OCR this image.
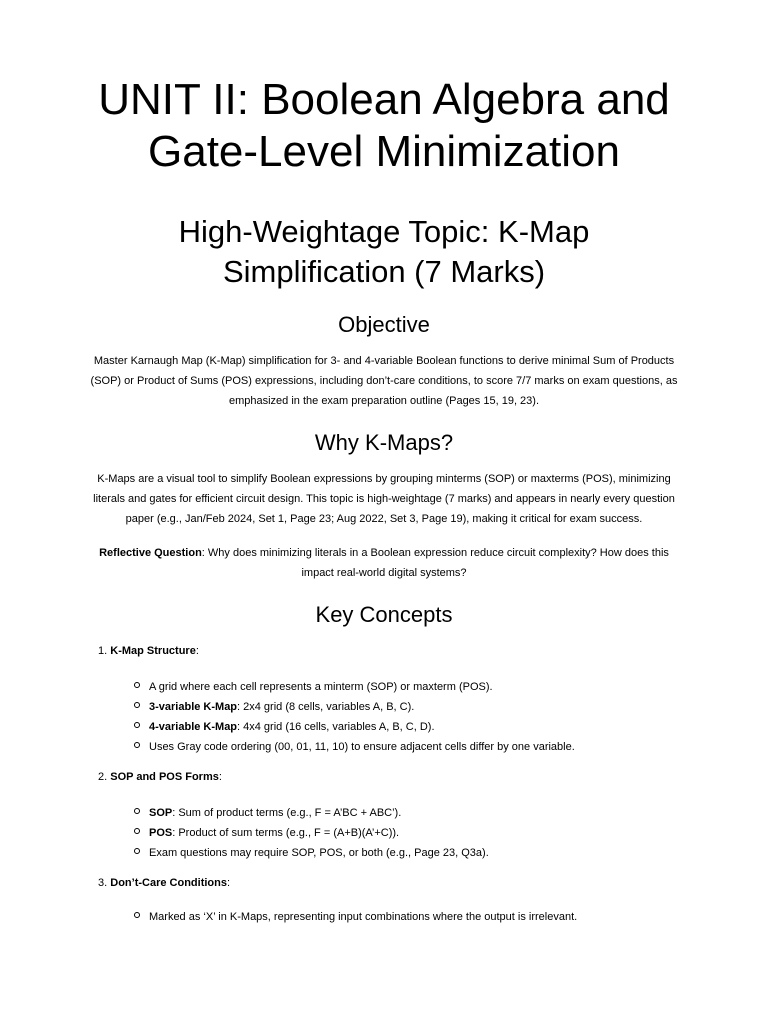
UNIT II: Boolean Algebra and
Gate-Level Minimization
High-Weightage Topic: K-Map
Simplification (7 Marks)
Objective
Master Karnaugh Map (K-Map) simplification for 3- and 4-variable Boolean functions to derive minimal Sum of Products
(SOP) or Product of Sums (POS) expressions, including don’t-care conditions, to score 7/7 marks on exam questions, as
emphasized in the exam preparation outline (Pages 15, 19, 23).
Why K-Maps?
K-Maps are a visual tool to simplify Boolean expressions by grouping minterms (SOP) or maxterms (POS), minimizing
literals and gates for efficient circuit design. This topic is high-weightage (7 marks) and appears in nearly every question
paper (e.g., Jan/Feb 2024, Set 1, Page 23; Aug 2022, Set 3, Page 19), making it critical for exam success.
Reflective Question: Why does minimizing literals in a Boolean expression reduce circuit complexity? How does this
impact real-world digital systems?
Key Concepts
1. K-Map Structure:
A grid where each cell represents a minterm (SOP) or maxterm (POS).
3-variable K-Map: 2x4 grid (8 cells, variables A, B, C).
4-variable K-Map: 4x4 grid (16 cells, variables A, B, C, D).
Uses Gray code ordering (00, 01, 11, 10) to ensure adjacent cells differ by one variable.
2. SOP and POS Forms:
SOP: Sum of product terms (e.g., F = A’BC + ABC’).
POS: Product of sum terms (e.g., F = (A+B)(A’+C)).
Exam questions may require SOP, POS, or both (e.g., Page 23, Q3a).
3. Don’t-Care Conditions:
Marked as ‘X’ in K-Maps, representing input combinations where the output is irrelevant.
